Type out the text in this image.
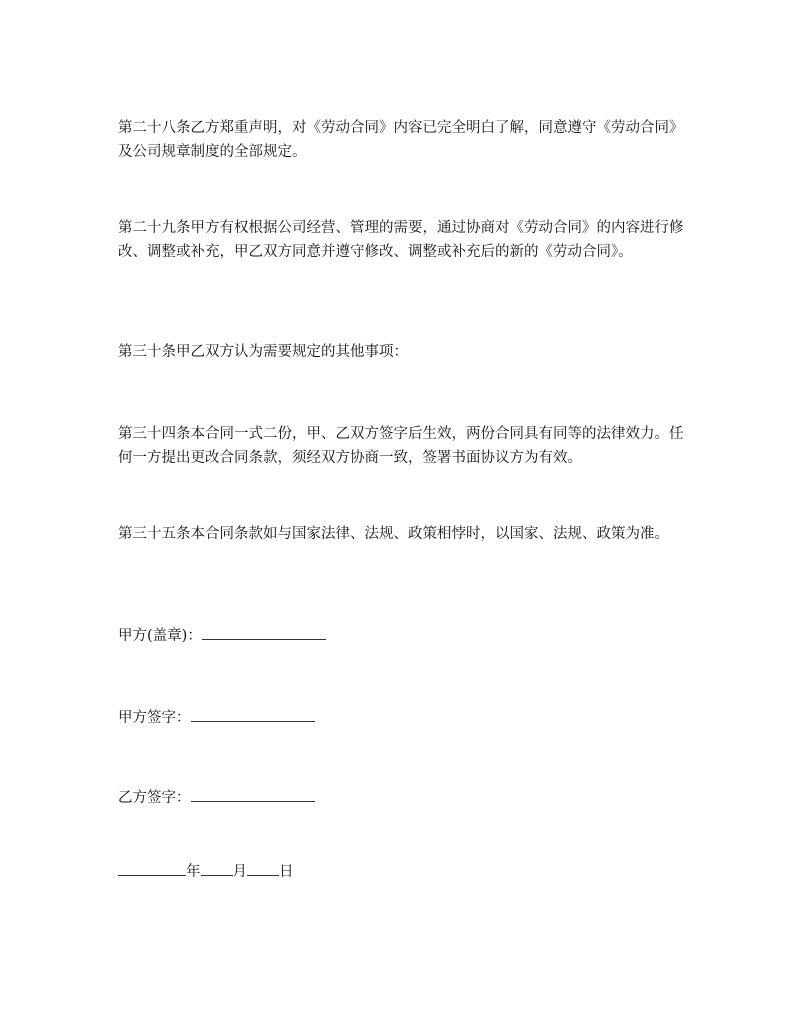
第二十八条乙方郑重声明，对《劳动合同》内容已完全明白了解，同意遵守《劳动合同》及公司规章制度的全部规定。

第二十九条甲方有权根据公司经营、管理的需要，通过协商对《劳动合同》的内容进行修改、调整或补充，甲乙双方同意并遵守修改、调整或补充后的新的《劳动合同》。

第三十条甲乙双方认为需要规定的其他事项：

第三十四条本合同一式二份，甲、乙双方签字后生效，两份合同具有同等的法律效力。任何一方提出更改合同条款，须经双方协商一致，签署书面协议方为有效。

第三十五条本合同条款如与国家法律、法规、政策相悖时，以国家、法规、政策为准。

甲方(盖章)：
甲方签字：
乙方签字：
年 月 日
